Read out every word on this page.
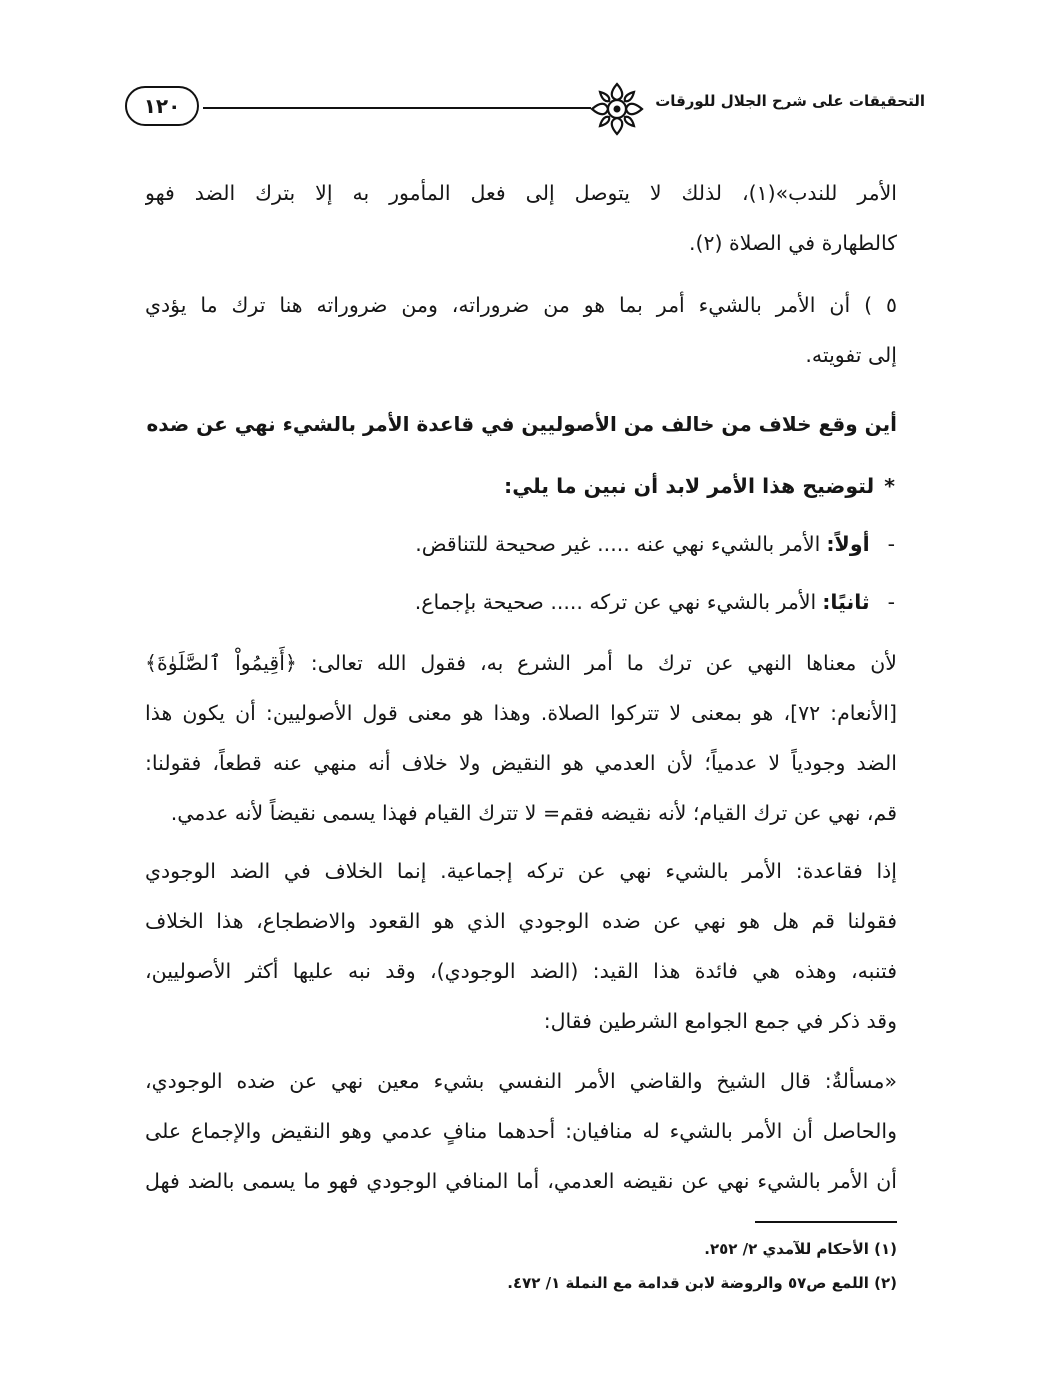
التحقيقات على شرح الجلال للورقات
١٢٠
الأمر للندب»(١)، لذلك لا يتوصل إلى فعل المأمور به إلا بترك الضد فهو
كالطهارة في الصلاة (٢).
٥ ) أن الأمر بالشيء أمر بما هو من ضروراته، ومن ضروراته هنا ترك ما يؤدي
إلى تفويته.
أين وقع خلاف من خالف من الأصوليين في قاعدة الأمر بالشيء نهي عن ضده
*لتوضيح هذا الأمر لابد أن نبين ما يلي:
-أولاً:الأمر بالشيء نهي عنه ..... غير صحيحة للتناقض.
-ثانيًا:الأمر بالشيء نهي عن تركه ..... صحيحة بإجماع.
لأن معناها النهي عن ترك ما أمر الشرع به، فقول الله تعالى: ﴿أَقِيمُواْ ٱلصَّلَوٰةَ﴾
[الأنعام: ٧٢]، هو بمعنى لا تتركوا الصلاة. وهذا هو معنى قول الأصوليين: أن يكون هذا
الضد وجودياً لا عدمياً؛ لأن العدمي هو النقيض ولا خلاف أنه منهي عنه قطعاً، فقولنا:
قم، نهي عن ترك القيام؛ لأنه نقيضه فقم= لا تترك القيام فهذا يسمى نقيضاً لأنه عدمي.
إذا فقاعدة: الأمر بالشيء نهي عن تركه إجماعية. إنما الخلاف في الضد الوجودي
فقولنا قم هل هو نهي عن ضده الوجودي الذي هو القعود والاضطجاع، هذا الخلاف
فتنبه، وهذه هي فائدة هذا القيد: (الضد الوجودي)، وقد نبه عليها أكثر الأصوليين،
وقد ذكر في جمع الجوامع الشرطين فقال:
«مسألةٌ: قال الشيخ والقاضي الأمر النفسي بشيء معين نهي عن ضده الوجودي،
والحاصل أن الأمر بالشيء له منافيان: أحدهما منافٍ عدمي وهو النقيض والإجماع على
أن الأمر بالشيء نهي عن نقيضه العدمي، أما المنافي الوجودي فهو ما يسمى بالضد فهل
(١) الأحكام للآمدي ٢/ ٢٥٢.
(٢) اللمع ص٥٧ والروضة لابن قدامة مع النملة ١/ ٤٧٢.
